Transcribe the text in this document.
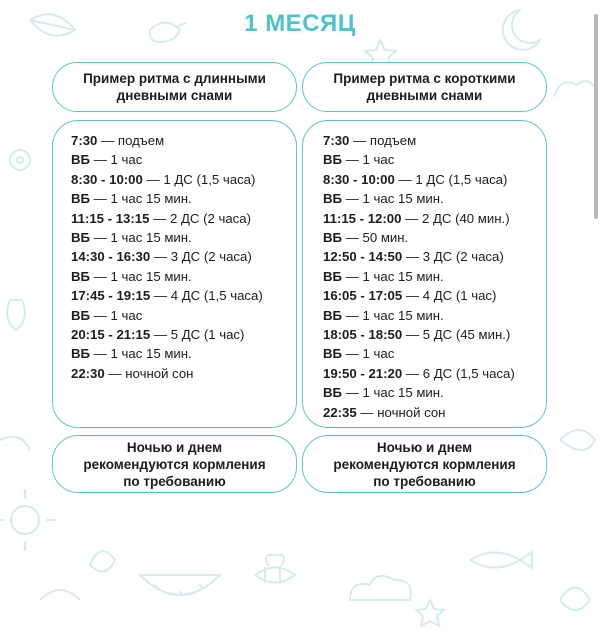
1 МЕСЯЦ
Пример ритма с длинными
дневными снами
7:30 — подъем
ВБ — 1 час
8:30 - 10:00 — 1 ДС (1,5 часа)
ВБ — 1 час 15 мин.
11:15 - 13:15 — 2 ДС (2 часа)
ВБ — 1 час 15 мин.
14:30 - 16:30 — 3 ДС (2 часа)
ВБ — 1 час 15 мин.
17:45 - 19:15 — 4 ДС (1,5 часа)
ВБ — 1 час
20:15 - 21:15 — 5 ДС (1 час)
ВБ — 1 час 15 мин.
22:30 — ночной сон
Ночью и днем
рекомендуются кормления
по требованию
Пример ритма с короткими
дневными снами
7:30 — подъем
ВБ — 1 час
8:30 - 10:00 — 1 ДС (1,5 часа)
ВБ — 1 час 15 мин.
11:15 - 12:00 — 2 ДС (40 мин.)
ВБ — 50 мин.
12:50 - 14:50 — 3 ДС (2 часа)
ВБ — 1 час 15 мин.
16:05 - 17:05 — 4 ДС (1 час)
ВБ — 1 час 15 мин.
18:05 - 18:50 — 5 ДС (45 мин.)
ВБ — 1 час
19:50 - 21:20 — 6 ДС (1,5 часа)
ВБ — 1 час 15 мин.
22:35 — ночной сон
Ночью и днем
рекомендуются кормления
по требованию
